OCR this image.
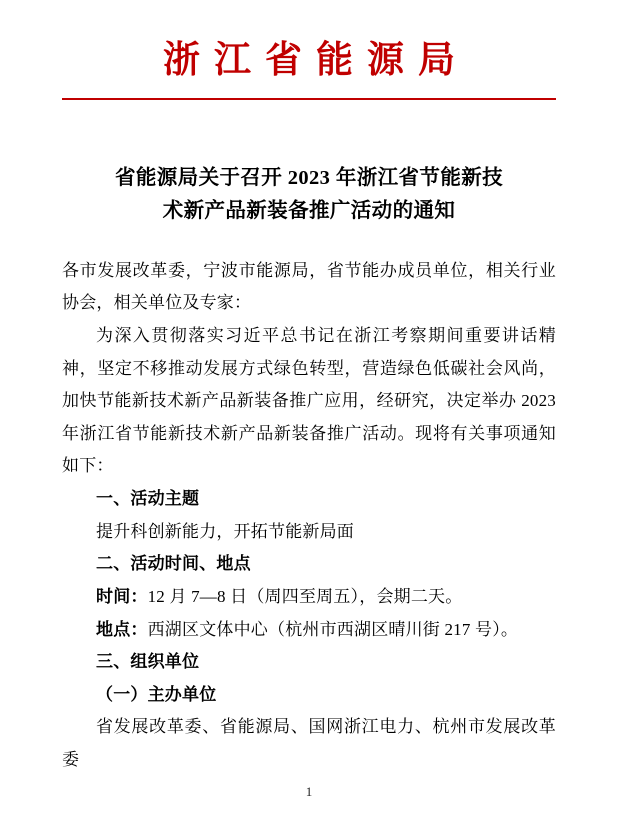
浙江省能源局
省能源局关于召开 2023 年浙江省节能新技
术新产品新装备推广活动的通知

各市发展改革委，宁波市能源局，省节能办成员单位，相关行业协会，相关单位及专家：

为深入贯彻落实习近平总书记在浙江考察期间重要讲话精神，坚定不移推动发展方式绿色转型，营造绿色低碳社会风尚，加快节能新技术新产品新装备推广应用，经研究，决定举办 2023 年浙江省节能新技术新产品新装备推广活动。现将有关事项通知如下：

一、活动主题

提升科创新能力，开拓节能新局面

二、活动时间、地点

时间：12 月 7—8 日（周四至周五），会期二天。

地点：西湖区文体中心（杭州市西湖区晴川街 217 号）。

三、组织单位

（一）主办单位

省发展改革委、省能源局、国网浙江电力、杭州市发展改革委

1
